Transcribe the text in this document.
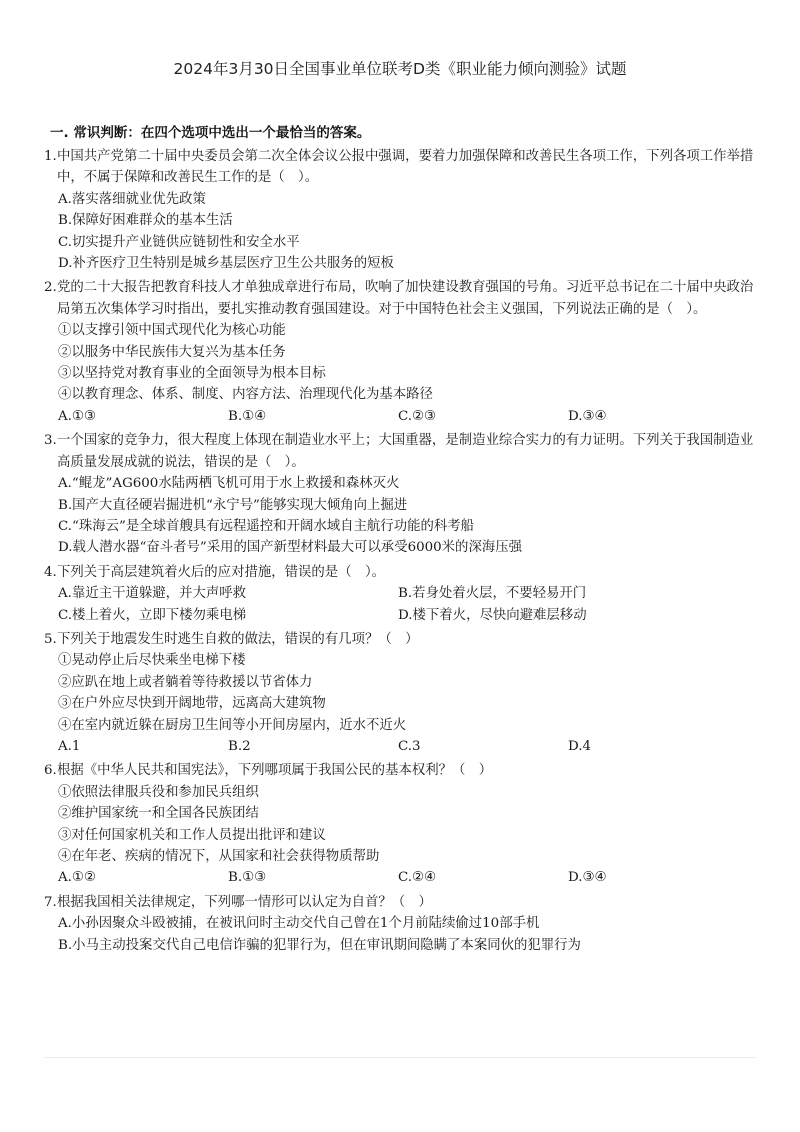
2024年3月30日全国事业单位联考D类《职业能力倾向测验》试题
一. 常识判断：在四个选项中选出一个最恰当的答案。
1. 中国共产党第二十届中央委员会第二次全体会议公报中强调，要着力加强保障和改善民生各项工作，下列各项工作举措中，不属于保障和改善民生工作的是（　）。
A.落实落细就业优先政策
B.保障好困难群众的基本生活
C.切实提升产业链供应链韧性和安全水平
D.补齐医疗卫生特别是城乡基层医疗卫生公共服务的短板
2. 党的二十大报告把教育科技人才单独成章进行布局，吹响了加快建设教育强国的号角。习近平总书记在二十届中央政治局第五次集体学习时指出，要扎实推动教育强国建设。对于中国特色社会主义强国，下列说法正确的是（　）。
①以支撑引领中国式现代化为核心功能
②以服务中华民族伟大复兴为基本任务
③以坚持党对教育事业的全面领导为根本目标
④以教育理念、体系、制度、内容方法、治理现代化为基本路径
A.①③	B.①④	C.②③	D.③④
3. 一个国家的竞争力，很大程度上体现在制造业水平上；大国重器，是制造业综合实力的有力证明。下列关于我国制造业高质量发展成就的说法，错误的是（　）。
A.“鲲龙”AG600水陆两栖飞机可用于水上救援和森林灭火
B.国产大直径硬岩掘进机“永宁号”能够实现大倾角向上掘进
C.“珠海云”是全球首艘具有远程遥控和开阔水域自主航行功能的科考船
D.载人潜水器“奋斗者号”采用的国产新型材料最大可以承受6000米的深海压强
4. 下列关于高层建筑着火后的应对措施，错误的是（　）。
A.靠近主干道躲避，并大声呼救	B.若身处着火层，不要轻易开门
C.楼上着火，立即下楼勿乘电梯	D.楼下着火，尽快向避难层移动
5. 下列关于地震发生时逃生自救的做法，错误的有几项？（　）
①晃动停止后尽快乘坐电梯下楼
②应趴在地上或者躺着等待救援以节省体力
③在户外应尽快到开阔地带，远离高大建筑物
④在室内就近躲在厨房卫生间等小开间房屋内，近水不近火
A.1	B.2	C.3	D.4
6. 根据《中华人民共和国宪法》，下列哪项属于我国公民的基本权利？（　）
①依照法律服兵役和参加民兵组织
②维护国家统一和全国各民族团结
③对任何国家机关和工作人员提出批评和建议
④在年老、疾病的情况下，从国家和社会获得物质帮助
A.①②	B.①③	C.②④	D.③④
7. 根据我国相关法律规定，下列哪一情形可以认定为自首？（　）
A.小孙因聚众斗殴被捕，在被讯问时主动交代自己曾在1个月前陆续偷过10部手机
B.小马主动投案交代自己电信诈骗的犯罪行为，但在审讯期间隐瞒了本案同伙的犯罪行为
